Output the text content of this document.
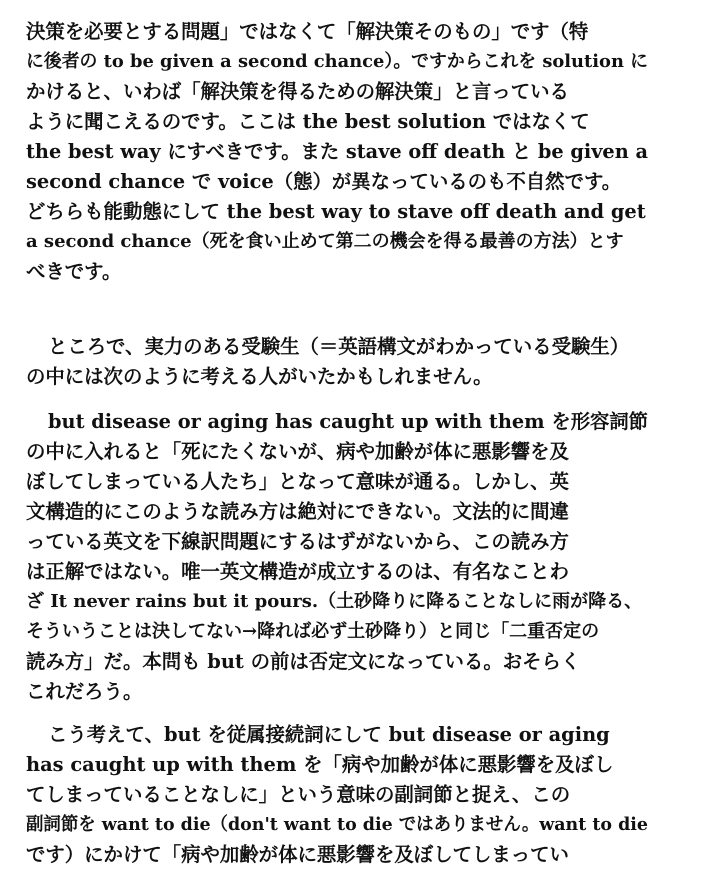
決策を必要とする問題」ではなくて「解決策そのもの」です（特
に後者の to be given a second chance）。ですからこれを solution に
かけると、いわば「解決策を得るための解決策」と言っている
ように聞こえるのです。ここは the best solution ではなくて
the best way にすべきです。また stave off death と be given a
second chance で voice（態）が異なっているのも不自然です。
どちらも能動態にして the best way to stave off death and get
a second chance（死を食い止めて第二の機会を得る最善の方法）とす
べきです。
ところで、実力のある受験生（＝英語構文がわかっている受験生）
の中には次のように考える人がいたかもしれません。
but disease or aging has caught up with them を形容詞節
の中に入れると「死にたくないが、病や加齢が体に悪影響を及
ぼしてしまっている人たち」となって意味が通る。しかし、英
文構造的にこのような読み方は絶対にできない。文法的に間違
っている英文を下線訳問題にするはずがないから、この読み方
は正解ではない。唯一英文構造が成立するのは、有名なことわ
ざ It never rains but it pours.（土砂降りに降ることなしに雨が降る、
そういうことは決してない→降れば必ず土砂降り）と同じ「二重否定の
読み方」だ。本問も but の前は否定文になっている。おそらく
これだろう。
こう考えて、but を従属接続詞にして but disease or aging
has caught up with them を「病や加齢が体に悪影響を及ぼし
てしまっていることなしに」という意味の副詞節と捉え、この
副詞節を want to die（don't want to die ではありません。want to die
です）にかけて「病や加齢が体に悪影響を及ぼしてしまってい
